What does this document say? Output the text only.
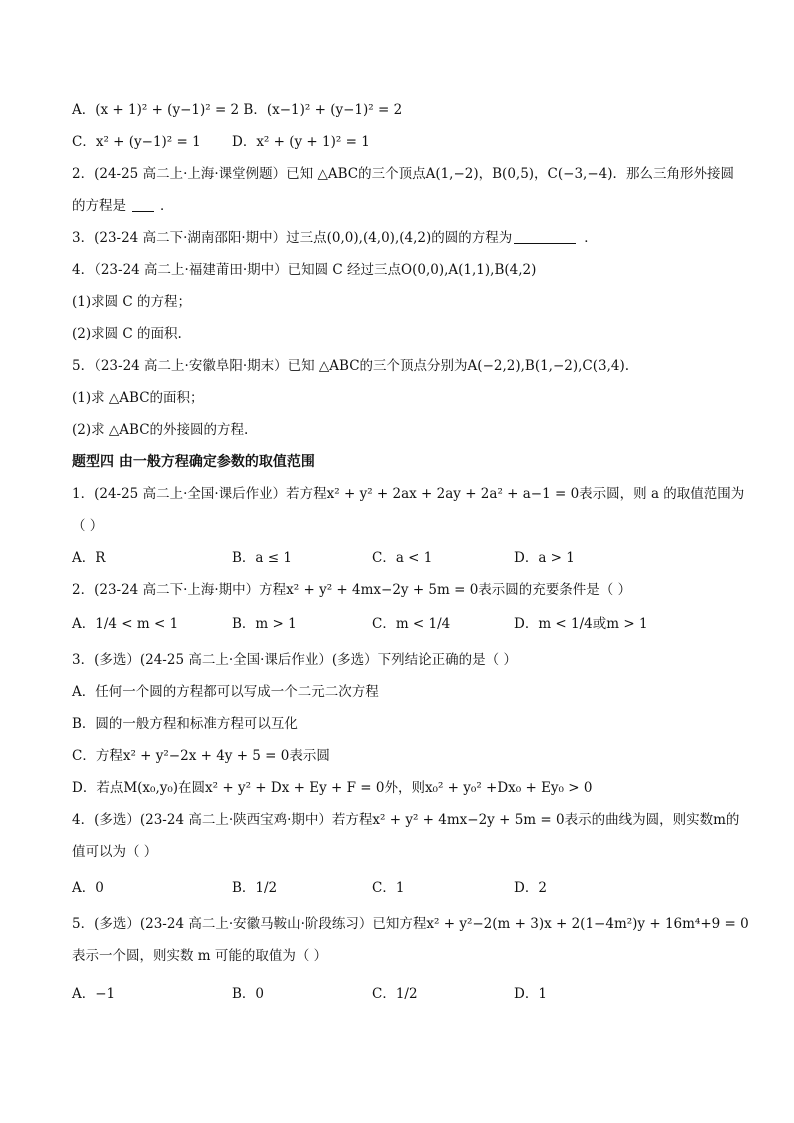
A．(x + 1)² + (y−1)² = 2 B．(x−1)² + (y−1)² = 2
C．x² + (y−1)² = 1 D．x² + (y + 1)² = 1
2．(24-25 高二上·上海·课堂例题）已知 △ABC的三个顶点A(1,−2)，B(0,5)，C(−3,−4)．那么三角形外接圆
的方程是	．
3．(23-24 高二下·湖南邵阳·期中）过三点(0,0),(4,0),(4,2)的圆的方程为	．
4．（23-24 高二上·福建莆田·期中）已知圆 C 经过三点O(0,0),A(1,1),B(4,2)
(1)求圆 C 的方程；
(2)求圆 C 的面积.
5．（23-24 高二上·安徽阜阳·期末）已知 △ABC的三个顶点分别为A(−2,2),B(1,−2),C(3,4).
(1)求 △ABC的面积；
(2)求 △ABC的外接圆的方程.
题型四 由一般方程确定参数的取值范围
1．(24-25 高二上·全国·课后作业）若方程x² + y² + 2ax + 2ay + 2a² + a−1 = 0表示圆，则 a 的取值范围为
（ ）
A．R	B．a ≤ 1	C．a < 1	D．a > 1
2．(23-24 高二下·上海·期中）方程x² + y² + 4mx−2y + 5m = 0表示圆的充要条件是（ ）
A．1/4 < m < 1	B．m > 1	C．m < 1/4	D．m < 1/4或m > 1
3．(多选）(24-25 高二上·全国·课后作业）(多选）下列结论正确的是（ ）
A．任何一个圆的方程都可以写成一个二元二次方程
B．圆的一般方程和标准方程可以互化
C．方程x² + y²−2x + 4y + 5 = 0表示圆
D．若点M(x₀,y₀)在圆x² + y² + Dx + Ey + F = 0外，则x₀² + y₀² +Dx₀ + Ey₀ > 0
4．(多选）(23-24 高二上·陕西宝鸡·期中）若方程x² + y² + 4mx−2y + 5m = 0表示的曲线为圆，则实数m的
值可以为（ ）
A．0	B．1/2	C．1	D．2
5．(多选）(23-24 高二上·安徽马鞍山·阶段练习）已知方程x² + y²−2(m + 3)x + 2(1−4m²)y + 16m⁴+9 = 0
表示一个圆，则实数 m 可能的取值为（ ）
A．−1	B．0	C．1/2	D．1
